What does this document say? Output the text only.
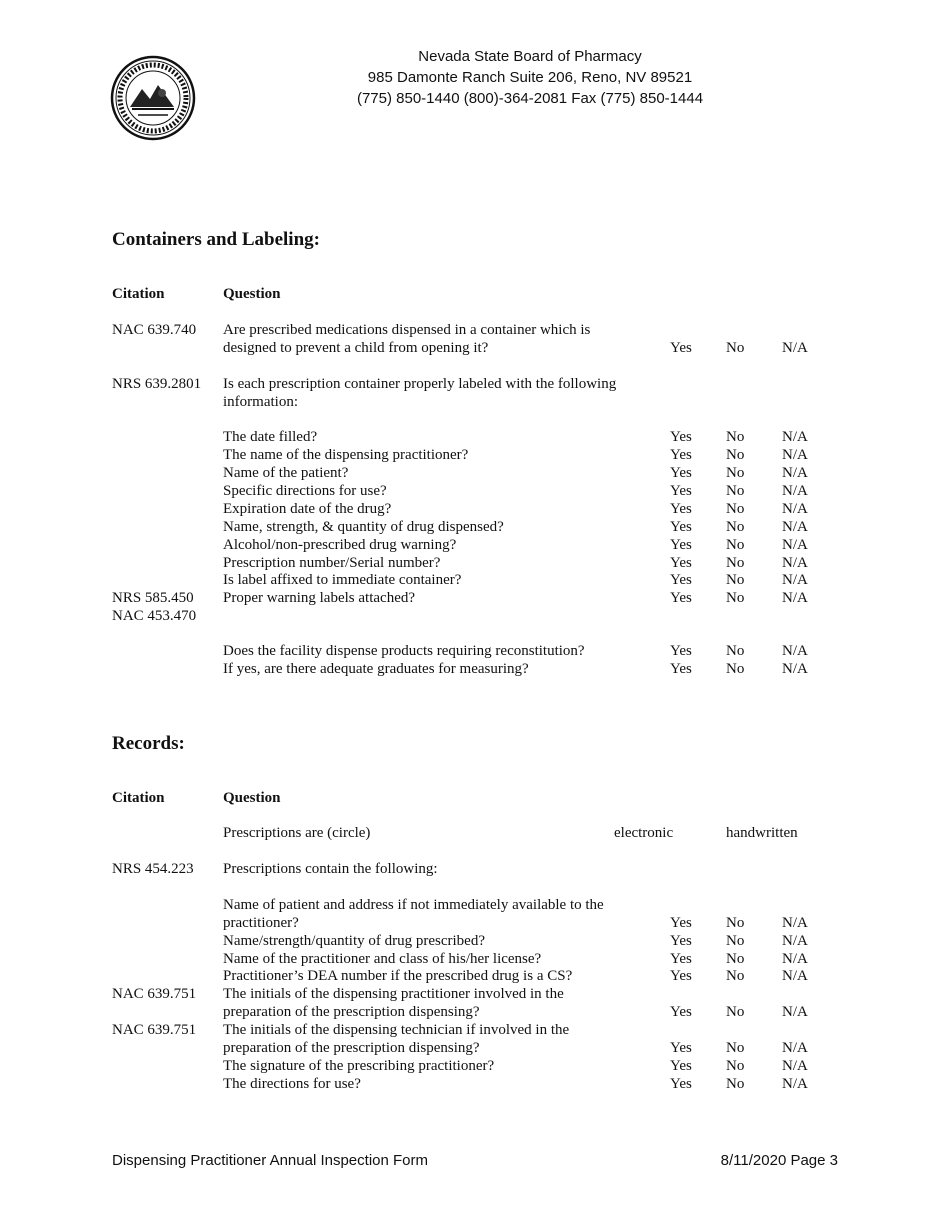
Nevada State Board of Pharmacy
985 Damonte Ranch Suite 206, Reno, NV 89521
(775) 850-1440 (800)-364-2081 Fax (775) 850-1444
Containers and Labeling:
Citation	Question
NAC 639.740 Are prescribed medications dispensed in a container which is
designed to prevent a child from opening it?	Yes No	N/A
NRS 639.2801 Is each prescription container properly labeled with the following
information:
The date filled?	Yes No	N/A
The name of the dispensing practitioner?	Yes No	N/A
Name of the patient?	Yes No	N/A
Specific directions for use?	Yes No	N/A
Expiration date of the drug?	Yes No	N/A
Name, strength, & quantity of drug dispensed?	Yes No	N/A
Alcohol/non-prescribed drug warning?	Yes No	N/A
Prescription number/Serial number?	Yes No	N/A
Is label affixed to immediate container?	Yes No	N/A
NRS 585.450
NAC 453.470
Proper warning labels attached?	Yes No	N/A
Does the facility dispense products requiring reconstitution?	Yes No	N/A
If yes, are there adequate graduates for measuring?	Yes No	N/A
Records:
Citation	Question
Prescriptions are (circle)	electronic	handwritten
NRS 454.223 Prescriptions contain the following:
Name of patient and address if not immediately available to the
practitioner?	Yes No	N/A
Name/strength/quantity of drug prescribed?	Yes No	N/A
Name of the practitioner and class of his/her license?	Yes No	N/A
Practitioner’s DEA number if the prescribed drug is a CS?	Yes No	N/A
NAC 639.751 The initials of the dispensing practitioner involved in the
preparation of the prescription dispensing?	Yes No	N/A
NAC 639.751 The initials of the dispensing technician if involved in the
preparation of the prescription dispensing?	Yes No	N/A
The signature of the prescribing practitioner?	Yes No	N/A
The directions for use?	Yes No	N/A
Dispensing Practitioner Annual Inspection Form	8/11/2020 Page 3
